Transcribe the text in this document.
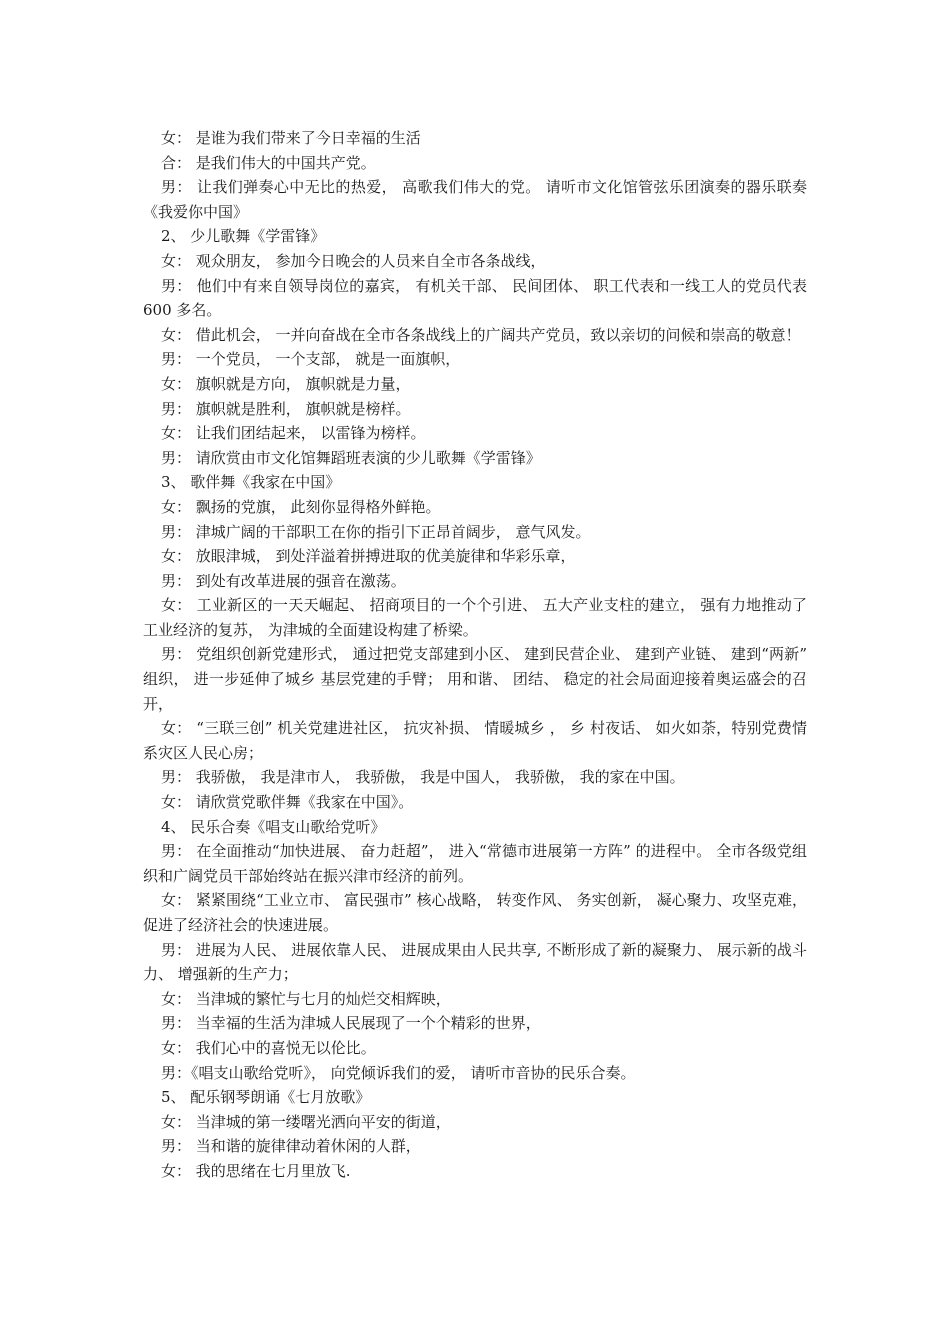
女： 是谁为我们带来了今日幸福的生活

合： 是我们伟大的中国共产党。

男： 让我们弹奏心中无比的热爱， 高歌我们伟大的党。 请听市文化馆管弦乐团演奏的器乐联奏《我爱你中国》

2、 少儿歌舞《学雷锋》

女： 观众朋友， 参加今日晚会的人员来自全市各条战线，

男： 他们中有来自领导岗位的嘉宾， 有机关干部、 民间团体、 职工代表和一线工人的党员代表 600 多名。

女： 借此机会， 一并向奋战在全市各条战线上的广阔共产党员，致以亲切的问候和崇高的敬意！

男： 一个党员， 一个支部， 就是一面旗帜，

女： 旗帜就是方向， 旗帜就是力量，

男： 旗帜就是胜利， 旗帜就是榜样。

女： 让我们团结起来， 以雷锋为榜样。

男： 请欣赏由市文化馆舞蹈班表演的少儿歌舞《学雷锋》

3、 歌伴舞《我家在中国》

女： 飘扬的党旗， 此刻你显得格外鲜艳。

男： 津城广阔的干部职工在你的指引下正昂首阔步， 意气风发。

女： 放眼津城， 到处洋溢着拼搏进取的优美旋律和华彩乐章，

男： 到处有改革进展的强音在激荡。

女： 工业新区的一天天崛起、 招商项目的一个个引进、 五大产业支柱的建立， 强有力地推动了工业经济的复苏， 为津城的全面建设构建了桥梁。

男： 党组织创新党建形式， 通过把党支部建到小区、 建到民营企业、 建到产业链、 建到“两新” 组织， 进一步延伸了城乡 基层党建的手臂； 用和谐、 团结、 稳定的社会局面迎接着奥运盛会的召开，

女： “三联三创” 机关党建进社区， 抗灾补损、 情暖城乡 ， 乡 村夜话、 如火如荼，特别党费情系灾区人民心房；

男： 我骄傲， 我是津市人， 我骄傲， 我是中国人， 我骄傲， 我的家在中国。

女： 请欣赏党歌伴舞《我家在中国》。

4、 民乐合奏《唱支山歌给党听》

男： 在全面推动“加快进展、 奋力赶超”， 进入“常德市进展第一方阵” 的进程中。 全市各级党组织和广阔党员干部始终站在振兴津市经济的前列。

女： 紧紧围绕“工业立市、 富民强市” 核心战略， 转变作风、 务实创新， 凝心聚力、攻坚克难， 促进了经济社会的快速进展。

男： 进展为人民、 进展依靠人民、 进展成果由人民共享, 不断形成了新的凝聚力、 展示新的战斗力、 增强新的生产力；

女： 当津城的繁忙与七月的灿烂交相辉映，

男： 当幸福的生活为津城人民展现了一个个精彩的世界，

女： 我们心中的喜悦无以伦比。

男：《唱支山歌给党听》， 向党倾诉我们的爱， 请听市音协的民乐合奏。

5、 配乐钢琴朗诵《七月放歌》

女： 当津城的第一缕曙光洒向平安的街道，

男： 当和谐的旋律律动着休闲的人群，

女： 我的思绪在七月里放飞.
